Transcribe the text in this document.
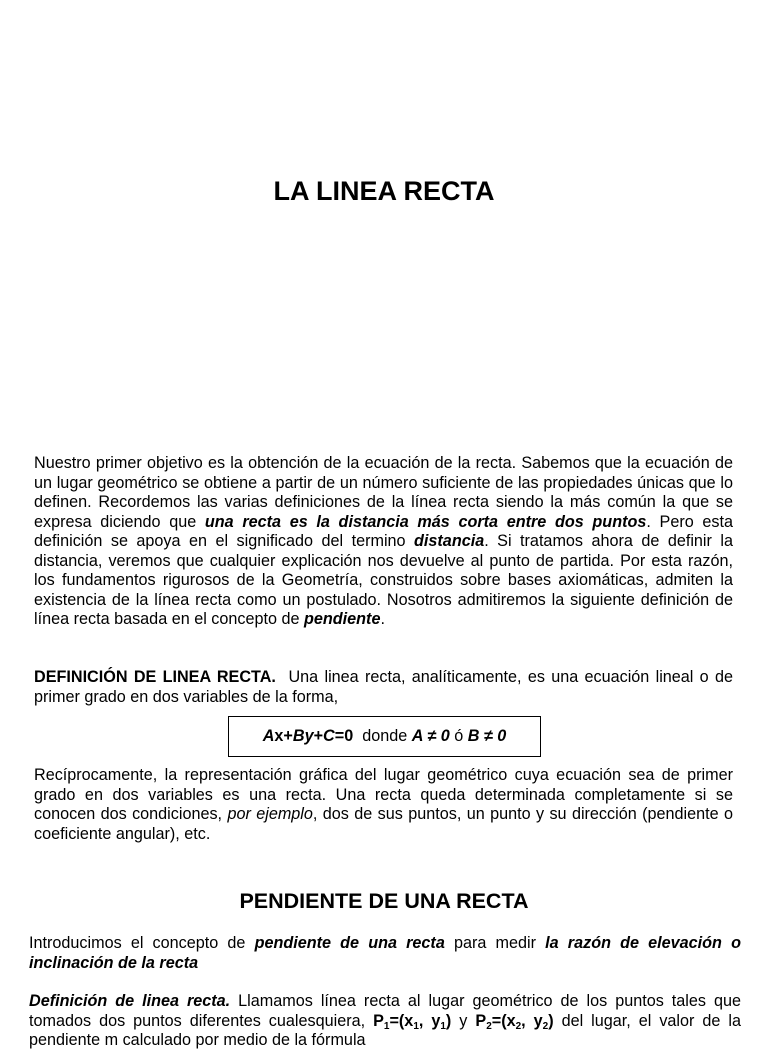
LA LINEA RECTA

Nuestro primer objetivo es la obtención de la ecuación de la recta. Sabemos que la ecuación de un lugar geométrico se obtiene a partir de un número suficiente de las propiedades únicas que lo definen. Recordemos las varias definiciones de la línea recta siendo la más común la que se expresa diciendo que una recta es la distancia más corta entre dos puntos. Pero esta definición se apoya en el significado del termino distancia. Si tratamos ahora de definir la distancia, veremos que cualquier explicación nos devuelve al punto de partida. Por esta razón, los fundamentos rigurosos de la Geometría, construidos sobre bases axiomáticas, admiten la existencia de la línea recta como un postulado. Nosotros admitiremos la siguiente definición de línea recta basada en el concepto de pendiente.

DEFINICIÓN DE LINEA RECTA.  Una linea recta, analíticamente, es una ecuación lineal o de primer grado en dos variables de la forma,

Ax+By+C=0  donde A ≠ 0 ó B ≠ 0

Recíprocamente, la representación gráfica del lugar geométrico cuya ecuación sea de primer grado en dos variables es una recta. Una recta queda determinada completamente si se conocen dos condiciones, por ejemplo, dos de sus puntos, un punto y su dirección (pendiente o coeficiente angular), etc.

PENDIENTE DE UNA RECTA

Introducimos el concepto de pendiente de una recta para medir la razón de elevación o inclinación de la recta

Definición de linea recta. Llamamos línea recta al lugar geométrico de los puntos tales que tomados dos puntos diferentes cualesquiera, $P_1=(x_1$, $y_1$) y $P_2=(x_2$, $y_2$) del lugar, el valor de la pendiente m calculado por medio de la fórmula
